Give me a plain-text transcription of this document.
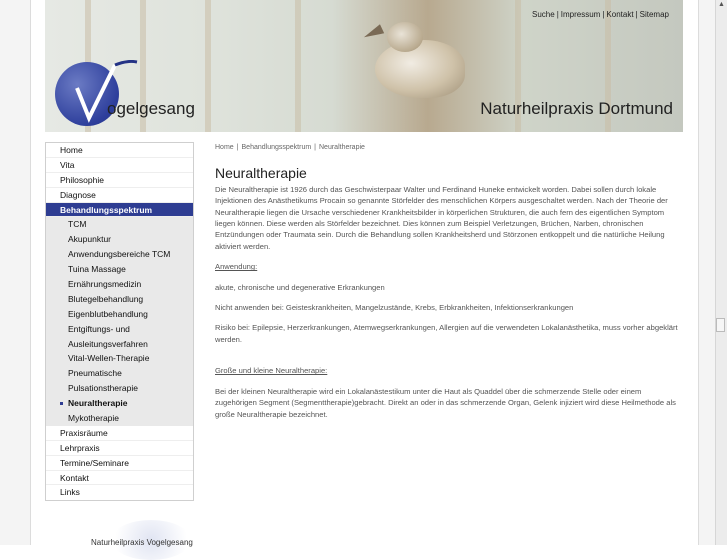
Suche | Impressum | Kontakt | Sitemap
ogelgesang	Naturheilpraxis Dortmund
Home
Vita
Philosophie
Diagnose
Behandlungsspektrum
TCM
Akupunktur
Anwendungsbereiche TCM
Tuina Massage
Ernährungsmedizin
Blutegelbehandlung
Eigenblutbehandlung
Entgiftungs- und
Ausleitungsverfahren
Vital-Wellen-Therapie
Pneumatische
Pulsationstherapie
Neuraltherapie
Mykotherapie
Praxisräume
Lehrpraxis
Termine/Seminare
Kontakt
Links
Home | Behandlungsspektrum | Neuraltherapie
Neuraltherapie
Die Neuraltherapie ist 1926 durch das Geschwisterpaar Walter und Ferdinand Huneke entwickelt worden. Dabei sollen durch lokale Injektionen des Anästhetikums Procain so genannte Störfelder des menschlichen Körpers ausgeschaltet werden. Nach der Theorie der Neuraltherapie liegen die Ursache verschiedener Krankheitsbilder in körperlichen Strukturen, die auch fern des eigentlichen Symptom liegen können. Diese werden als Störfelder bezeichnet. Dies können zum Beispiel Verletzungen, Brüchen, Narben, chronischen Entzündungen oder Traumata sein. Durch die Behandlung sollen Krankheitsherd und Störzonen entkoppelt und die natürliche Heilung aktiviert werden.
Anwendung:
akute, chronische und degenerative Erkrankungen
Nicht anwenden bei: Geisteskrankheiten, Mangelzustände, Krebs, Erbkrankheiten, Infektionserkrankungen
Risiko bei: Epilepsie, Herzerkrankungen, Atemwegserkrankungen, Allergien auf die verwendeten Lokalanästhetika, muss vorher abgeklärt werden.
Große und kleine Neuraltherapie:
Bei der kleinen Neuraltherapie wird ein Lokalanästestikum unter die Haut als Quaddel über die schmerzende Stelle oder einem zugehörigen Segment (Segmenttherapie)gebracht. Direkt an oder in das schmerzende Organ, Gelenk injiziert wird diese Heilmethode als große Neuraltherapie bezeichnet.
Naturheilpraxis Vogelgesang
▲
